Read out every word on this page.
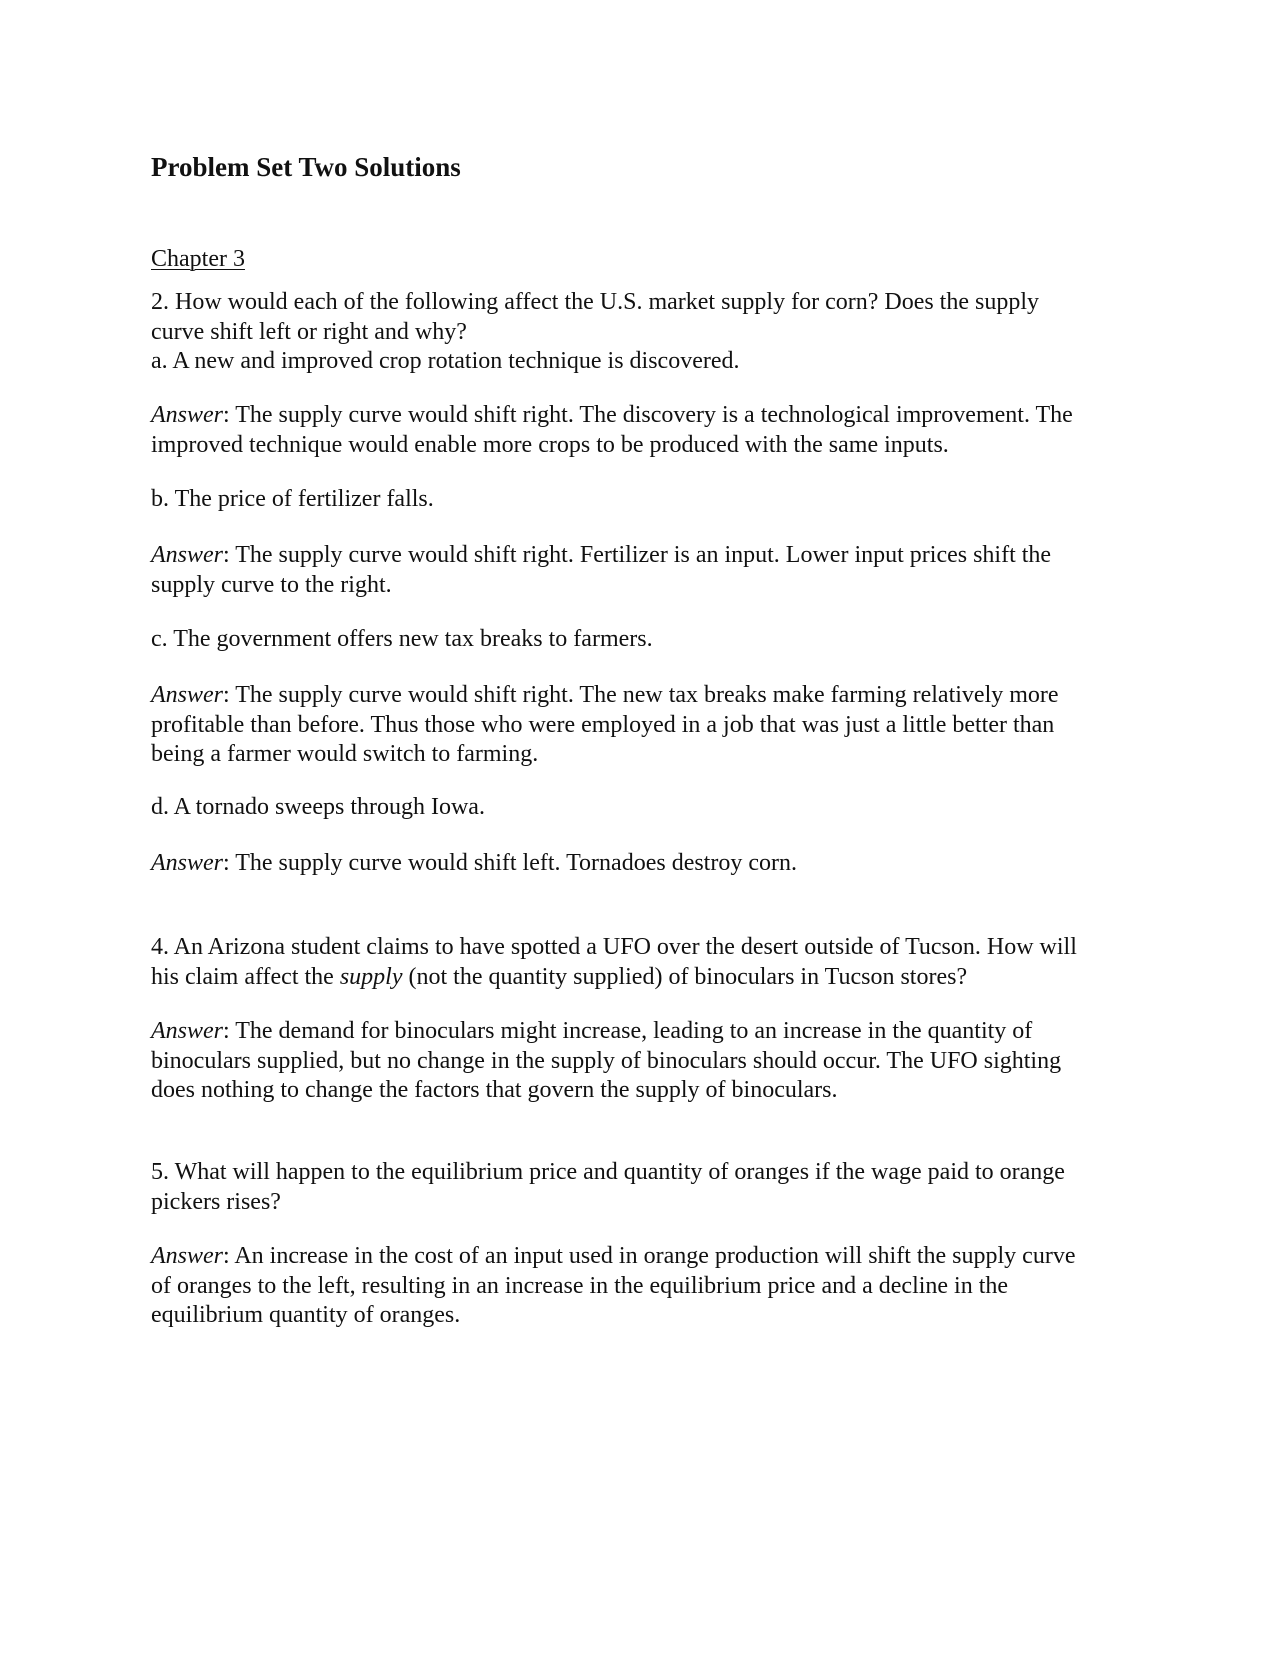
Problem Set Two Solutions

Chapter 3

2. How would each of the following affect the U.S. market supply for corn? Does the supply
curve shift left or right and why?
a. A new and improved crop rotation technique is discovered.

Answer: The supply curve would shift right. The discovery is a technological improvement. The
improved technique would enable more crops to be produced with the same inputs.

b. The price of fertilizer falls.

Answer: The supply curve would shift right. Fertilizer is an input. Lower input prices shift the
supply curve to the right.

c. The government offers new tax breaks to farmers.

Answer: The supply curve would shift right. The new tax breaks make farming relatively more
profitable than before. Thus those who were employed in a job that was just a little better than
being a farmer would switch to farming.

d. A tornado sweeps through Iowa.

Answer: The supply curve would shift left. Tornadoes destroy corn.

4. An Arizona student claims to have spotted a UFO over the desert outside of Tucson. How will
his claim affect the supply (not the quantity supplied) of binoculars in Tucson stores?

Answer: The demand for binoculars might increase, leading to an increase in the quantity of
binoculars supplied, but no change in the supply of binoculars should occur. The UFO sighting
does nothing to change the factors that govern the supply of binoculars.

5. What will happen to the equilibrium price and quantity of oranges if the wage paid to orange
pickers rises?

Answer: An increase in the cost of an input used in orange production will shift the supply curve
of oranges to the left, resulting in an increase in the equilibrium price and a decline in the
equilibrium quantity of oranges.
